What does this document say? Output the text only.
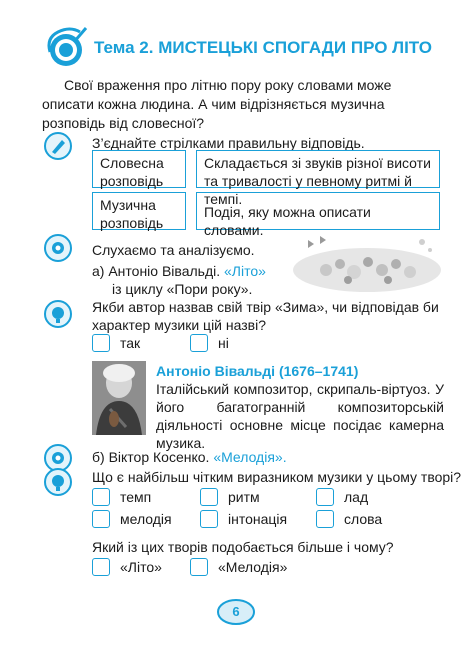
Тема 2. МИСТЕЦЬКІ СПОГАДИ ПРО ЛІТО
Свої враження про літню пору року словами може описати кожна людина. А чим відрізняється музична розповідь від словесної?
З’єднайте стрілками правильну відповідь.
Словесна розповідь
Музична розповідь
Складається зі звуків різної висоти та тривалості у певному ритмі й темпі.
Подія, яку можна описати словами.
Слухаємо та аналізуємо.
а) Антоніо Вівальді. «Літо»
із циклу «Пори року».
Якби автор назвав свій твір «Зима», чи відповідав би характер музики цій назві?
так	ні
Антоніо Вівальді (1676–1741)
Італійський композитор, скрипаль-віртуоз. У його багатогранній композиторській діяльності основне місце посідає камерна музика.
б) Віктор Косенко. «Мелодія».
Що є найбільш чітким виразником музики у цьому творі?
темп	ритм	лад
мелодія	інтонація	слова
Який із цих творів подобається більше і чому?
«Літо»	«Мелодія»
6
